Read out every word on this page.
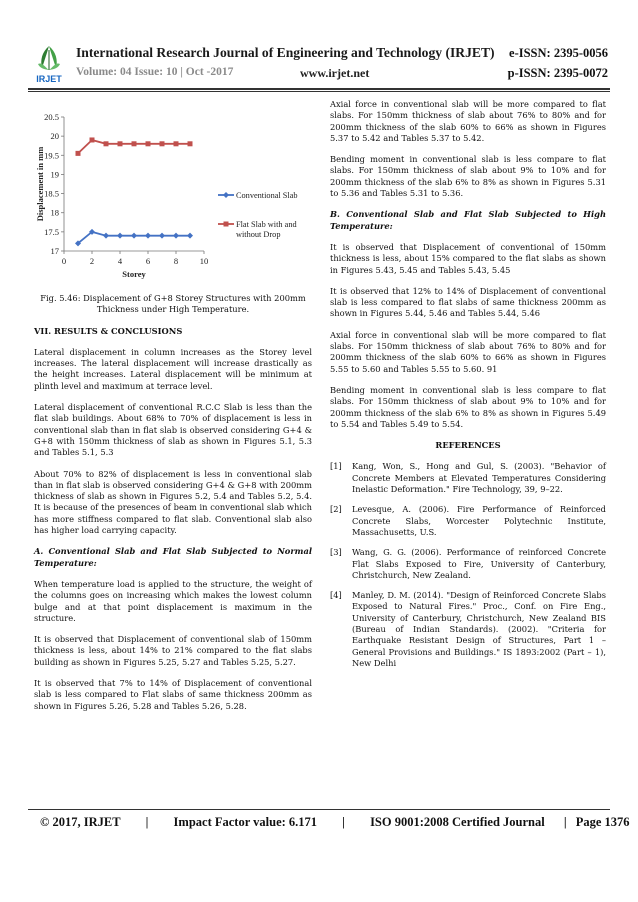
IRJET
International Research Journal of Engineering and Technology (IRJET) e-ISSN: 2395-0056
Volume: 04 Issue: 10 | Oct -2017	www.irjet.net	p-ISSN: 2395-0072
17
17.5
18
18.5
19
19.5
20
20.5
0	2	4	6	8	10
Storey
Displacement in mm	Conventional Slab
Flat Slab with and
without Drop

Fig. 5.46: Displacement of G+8 Storey Structures with 200mm Thickness under High Temperature.

VII. RESULTS & CONCLUSIONS

Lateral displacement in column increases as the Storey level increases. The lateral displacement will increase drastically as the height increases. Lateral displacement will be minimum at plinth level and maximum at terrace level.

Lateral displacement of conventional R.C.C Slab is less than the flat slab buildings. About 68% to 70% of displacement is less in conventional slab than in flat slab is observed considering G+4 & G+8 with 150mm thickness of slab as shown in Figures 5.1, 5.3 and Tables 5.1, 5.3

About 70% to 82% of displacement is less in conventional slab than in flat slab is observed considering G+4 & G+8 with 200mm thickness of slab as shown in Figures 5.2, 5.4 and Tables 5.2, 5.4. It is because of the presences of beam in conventional slab which has more stiffness compared to flat slab. Conventional slab also has higher load carrying capacity.

A. Conventional Slab and Flat Slab Subjected to Normal Temperature:

When temperature load is applied to the structure, the weight of the columns goes on increasing which makes the lowest column bulge and at that point displacement is maximum in the structure.

It is observed that Displacement of conventional slab of 150mm thickness is less, about 14% to 21% compared to the flat slabs building as shown in Figures 5.25, 5.27 and Tables 5.25, 5.27.

It is observed that 7% to 14% of Displacement of conventional slab is less compared to Flat slabs of same thickness 200mm as shown in Figures 5.26, 5.28 and Tables 5.26, 5.28.

Axial force in conventional slab will be more compared to flat slabs. For 150mm thickness of slab about 76% to 80% and for 200mm thickness of the slab 60% to 66% as shown in Figures 5.37 to 5.42 and Tables 5.37 to 5.42.

Bending moment in conventional slab is less compare to flat slabs. For 150mm thickness of slab about 9% to 10% and for 200mm thickness of the slab 6% to 8% as shown in Figures 5.31 to 5.36 and Tables 5.31 to 5.36.

B. Conventional Slab and Flat Slab Subjected to High Temperature:

It is observed that Displacement of conventional of 150mm thickness is less, about 15% compared to the flat slabs as shown in Figures 5.43, 5.45 and Tables 5.43, 5.45

It is observed that 12% to 14% of Displacement of conventional slab is less compared to flat slabs of same thickness 200mm as shown in Figures 5.44, 5.46 and Tables 5.44, 5.46

Axial force in conventional slab will be more compared to flat slabs. For 150mm thickness of slab about 76% to 80% and for 200mm thickness of the slab 60% to 66% as shown in Figures 5.55 to 5.60 and Tables 5.55 to 5.60. 91

Bending moment in conventional slab is less compare to flat slabs. For 150mm thickness of slab about 9% to 10% and for 200mm thickness of the slab 6% to 8% as shown in Figures 5.49 to 5.54 and Tables 5.49 to 5.54.

REFERENCES

[1]	Kang, Won, S., Hong and Gul, S. (2003). "Behavior of Concrete Members at Elevated Temperatures Considering Inelastic Deformation." Fire Technology, 39, 9–22.
[2]	Levesque, A. (2006). Fire Performance of Reinforced Concrete Slabs, Worcester Polytechnic Institute, Massachusetts, U.S.
[3]	Wang, G. G. (2006). Performance of reinforced Concrete Flat Slabs Exposed to Fire, University of Canterbury, Christchurch, New Zealand.
[4]	Manley, D. M. (2014). "Design of Reinforced Concrete Slabs Exposed to Natural Fires." Proc., Conf. on Fire Eng., University of Canterbury, Christchurch, New Zealand BIS (Bureau of Indian Standards). (2002). "Criteria for Earthquake Resistant Design of Structures, Part 1 – General Provisions and Buildings." IS 1893:2002 (Part – 1), New Delhi
© 2017, IRJET | Impact Factor value: 6.171 | ISO 9001:2008 Certified Journal | Page 1376
